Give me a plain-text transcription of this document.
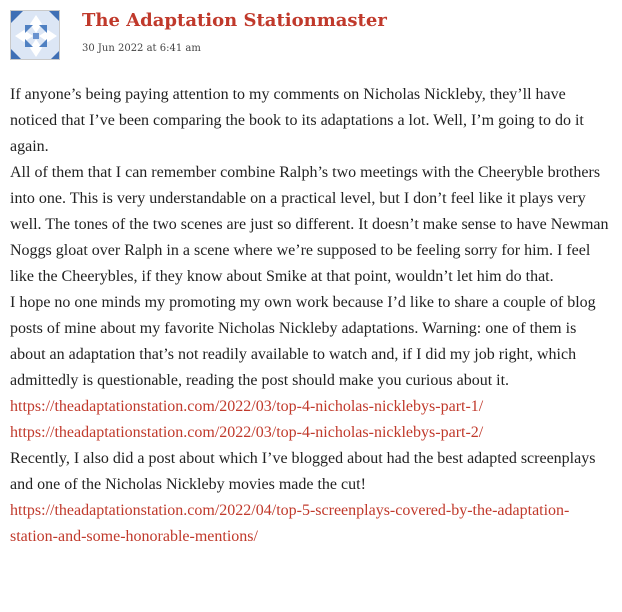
The Adaptation Stationmaster
30 Jun 2022 at 6:41 am

If anyone’s being paying attention to my comments on Nicholas Nickleby, they’ll have noticed that I’ve been comparing the book to its adaptations a lot. Well, I’m going to do it again.

All of them that I can remember combine Ralph’s two meetings with the Cheeryble brothers into one. This is very understandable on a practical level, but I don’t feel like it plays very well. The tones of the two scenes are just so different. It doesn’t make sense to have Newman Noggs gloat over Ralph in a scene where we’re supposed to be feeling sorry for him. I feel like the Cheerybles, if they know about Smike at that point, wouldn’t let him do that.

I hope no one minds my promoting my own work because I’d like to share a couple of blog posts of mine about my favorite Nicholas Nickleby adaptations. Warning: one of them is about an adaptation that’s not readily available to watch and, if I did my job right, which admittedly is questionable, reading the post should make you curious about it.

https://theadaptationstation.com/2022/03/top-4-nicholas-nicklebys-part-1/

https://theadaptationstation.com/2022/03/top-4-nicholas-nicklebys-part-2/

Recently, I also did a post about which I’ve blogged about had the best adapted screenplays and one of the Nicholas Nickleby movies made the cut!

https://theadaptationstation.com/2022/04/top-5-screenplays-covered-by-the-adaptation-station-and-some-honorable-mentions/
